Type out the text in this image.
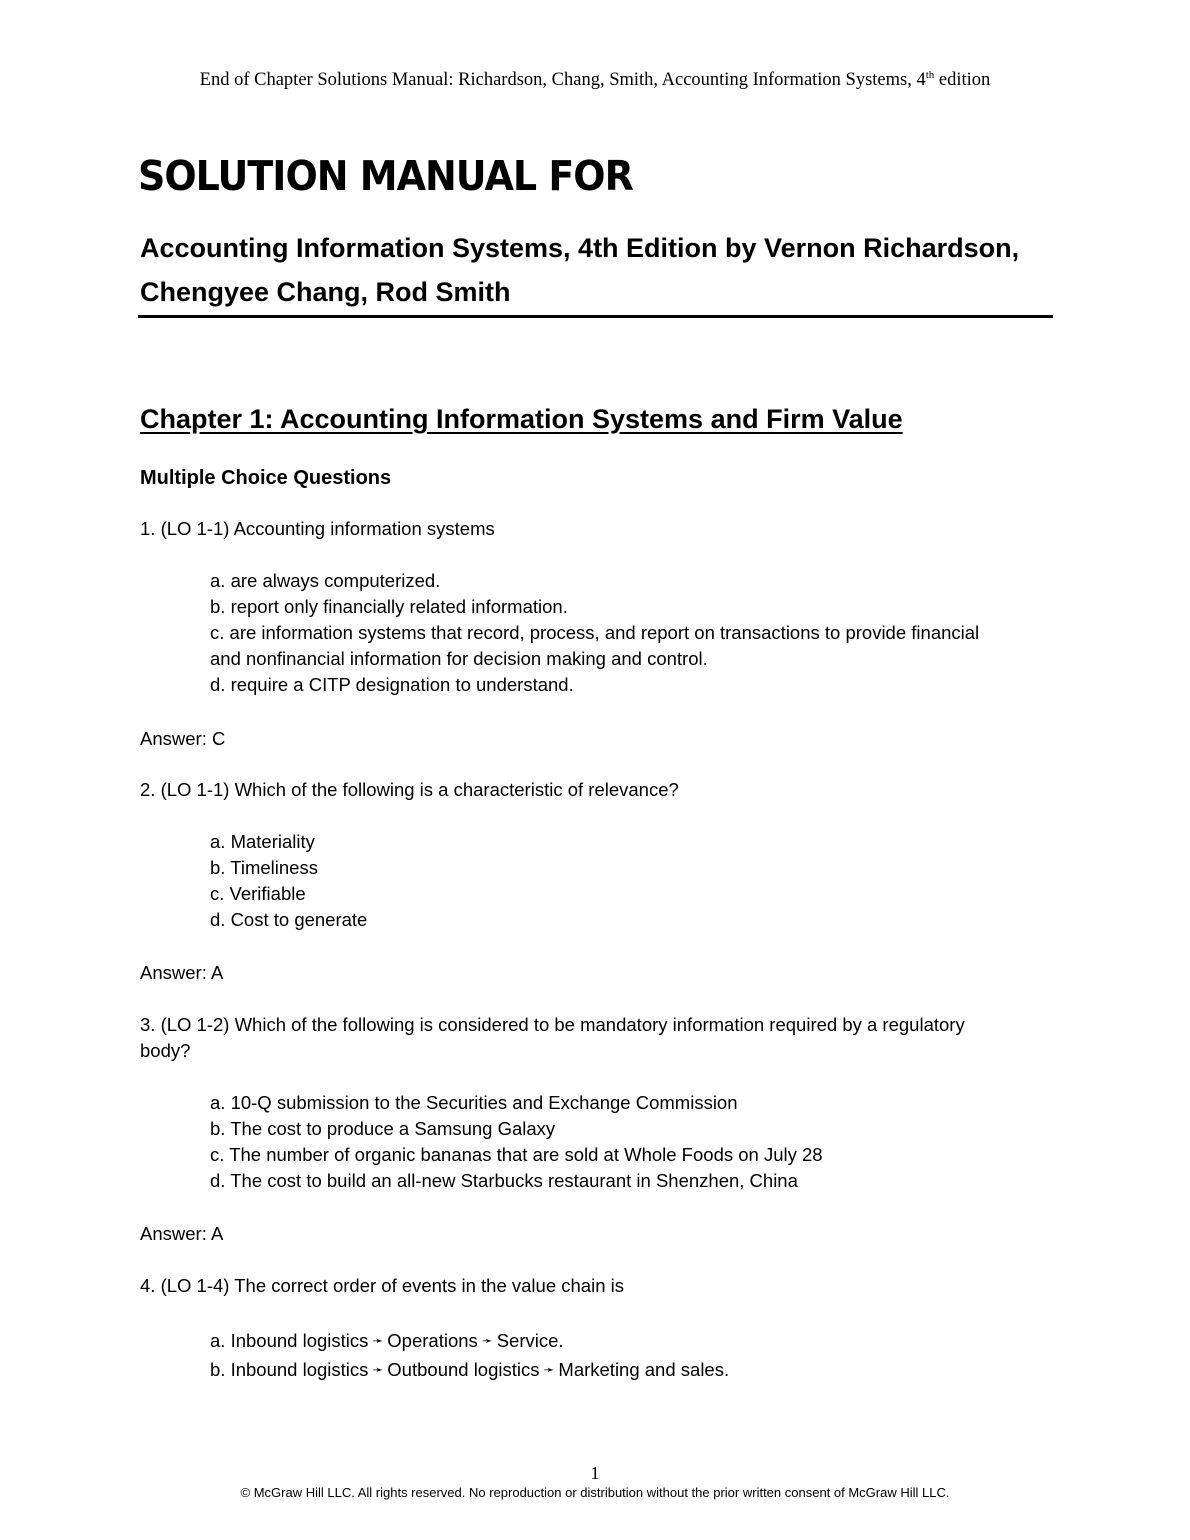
End of Chapter Solutions Manual: Richardson, Chang, Smith, Accounting Information Systems, 4th edition
SOLUTION MANUAL FOR
Accounting Information Systems, 4th Edition by Vernon Richardson, Chengyee Chang, Rod Smith
Chapter 1: Accounting Information Systems and Firm Value
Multiple Choice Questions
1. (LO 1-1) Accounting information systems
a. are always computerized.
b. report only financially related information.
c. are information systems that record, process, and report on transactions to provide financial and nonfinancial information for decision making and control.
d. require a CITP designation to understand.
Answer: C
2. (LO 1-1) Which of the following is a characteristic of relevance?
a. Materiality
b. Timeliness
c. Verifiable
d. Cost to generate
Answer: A
3. (LO 1-2) Which of the following is considered to be mandatory information required by a regulatory body?
a. 10-Q submission to the Securities and Exchange Commission
b. The cost to produce a Samsung Galaxy
c. The number of organic bananas that are sold at Whole Foods on July 28
d. The cost to build an all-new Starbucks restaurant in Shenzhen, China
Answer: A
4. (LO 1-4) The correct order of events in the value chain is
a. Inbound logistics ➛ Operations ➛ Service.
b. Inbound logistics ➛ Outbound logistics ➛ Marketing and sales.
1
© McGraw Hill LLC. All rights reserved. No reproduction or distribution without the prior written consent of McGraw Hill LLC.
